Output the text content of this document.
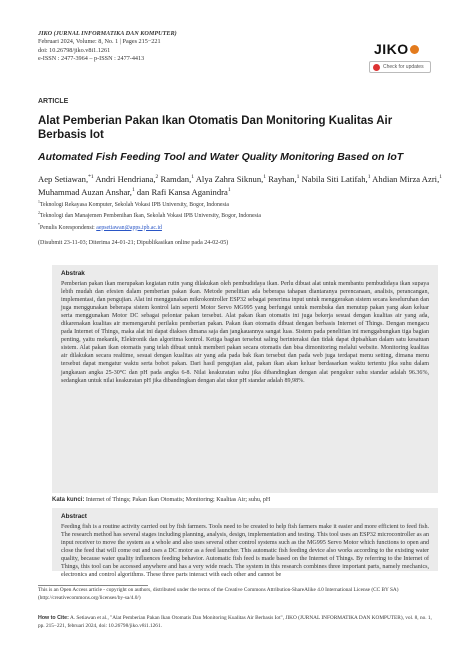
JIKO (JURNAL INFORMATIKA DAN KOMPUTER)
Februari 2024, Volume: 8, No. 1 | Pages 215−221
doi: 10.26798/jiko.v8i1.1261
e-ISSN : 2477-3964 – p-ISSN : 2477-4413
JIKO
Check for updates
ARTICLE
Alat Pemberian Pakan Ikan Otomatis Dan Monitoring Kualitas Air Berbasis Iot
Automated Fish Feeding Tool and Water Quality Monitoring Based on IoT
Aep Setiawan,$^{*1}$ Andri Hendriana,$^2$ Ramdan,$^1$ Alya Zahra Siknun,$^1$ Rayhan,$^1$ Nabila Siti Latifah,$^1$ Ahdian Mirza Azri,$^1$ Muhammad Auzan Anshar,$^1$ dan Rafi Kansa Aganindra$^1$
$^1$Teknologi Rekayasa Komputer, Sekolah Vokasi IPB University, Bogor, Indonesia
$^2$Teknologi dan Manajemen Pembenihan Ikan, Sekolah Vokasi IPB University, Bogor, Indonesia
*Penulis Korespondensi: aepsetiawan@apps.ipb.ac.id
(Disubmit 23-11-03; Diterima 24-01-21; Dipublikasikan online pada 24-02-05)
Abstrak
Pemberian pakan ikan merupakan kegiatan rutin yang dilakukan oleh pembudidaya ikan. Perlu dibuat alat untuk membantu pembudidaya ikan supaya lebih mudah dan efesien dalam pemberian pakan ikan. Metode penelitian ada beberapa tahapan diantaranya perencanaan, analisis, perancangan, implementasi, dan pengujian. Alat ini menggunakan mikrokontroller ESP32 sebagai penerima input untuk menggerakan sistem secara keseluruhan dan juga menggunakan beberapa sistem kontrol lain seperti Motor Servo MG995 yang berfungsi untuk membuka dan menutup pakan yang akan keluar serta menggunakan Motor DC sebagai pelontar pakan tersebut. Alat pakan ikan otomatis ini juga bekerja sesuai dengan kualitas air yang ada, dikarenakan kualitas air memengaruhi perilaku pemberian pakan. Pakan ikan otomatis dibuat dengan berbasis Internet of Things. Dengan mengacu pada Internet of Things, maka alat ini dapat diakses dimana saja dan jangkauannya sangat luas. Sistem pada penelitian ini menggabungkan tiga bagian penting, yaitu mekanik, Elektronik dan algoritma kontrol. Ketiga bagian tersebut saling berinteraksi dan tidak dapat dipisahkan dalam satu kesatuan sistem. Alat pakan ikan otomatis yang telah dibuat untuk memberi pakan secara otomatis dan bisa dimonitoring melalui website. Monitoring kualitas air dilakukan secara realtime, sesuai dengan kualitas air yang ada pada bak ikan tersebut dan pada web juga terdapat menu setting, dimana menu tersebut dapat mengatur waktu serta bobot pakan. Dari hasil pengujian alat, pakan ikan akan keluar berdasarkan waktu tertentu jika suhu dalam jangkauan angka 25-30°C dan pH pada angka 6-8. Nilai keakuratan suhu jika dibandingkan dengan alat pengukur suhu standar adalah 96.36%, sedangkan untuk nilai keakuratan pH jika dibandingkan dengan alat ukur pH standar adalah 89,98%.
Kata kunci: Internet of Things; Pakan Ikan Otomatis; Monitoring; Kualitas Air; suhu, pH
Abstract
Feeding fish is a routine activity carried out by fish farmers. Tools need to be created to help fish farmers make it easier and more efficient to feed fish. The research method has several stages including planning, analysis, design, implementation and testing. This tool uses an ESP32 microcontroller as an input receiver to move the system as a whole and also uses several other control systems such as the MG995 Servo Motor which functions to open and close the feed that will come out and uses a DC motor as a feed launcher. This automatic fish feeding device also works according to the existing water quality, because water quality influences feeding behavior. Automatic fish feed is made based on the Internet of Things. By referring to the Internet of Things, this tool can be accessed anywhere and has a very wide reach. The system in this research combines three important parts, namely mechanics, electronics and control algorithms. These three parts interact with each other and cannot be
This is an Open Access article - copyright on authors, distributed under the terms of the Creative Commons Attribution-ShareAlike 4.0 International License (CC BY SA) (http://creativecommons.org/licenses/by-sa/4.0/)
How to Cite: A. Setiawan et al., "Alat Pemberian Pakan Ikan Otomatis Dan Monitoring Kualitas Air Berbasis Iot", JIKO (JURNAL INFORMATIKA DAN KOMPUTER), vol. 8, no. 1, pp. 215−221, februari 2024, doi: 10.26798/jiko.v8i1.1261.
